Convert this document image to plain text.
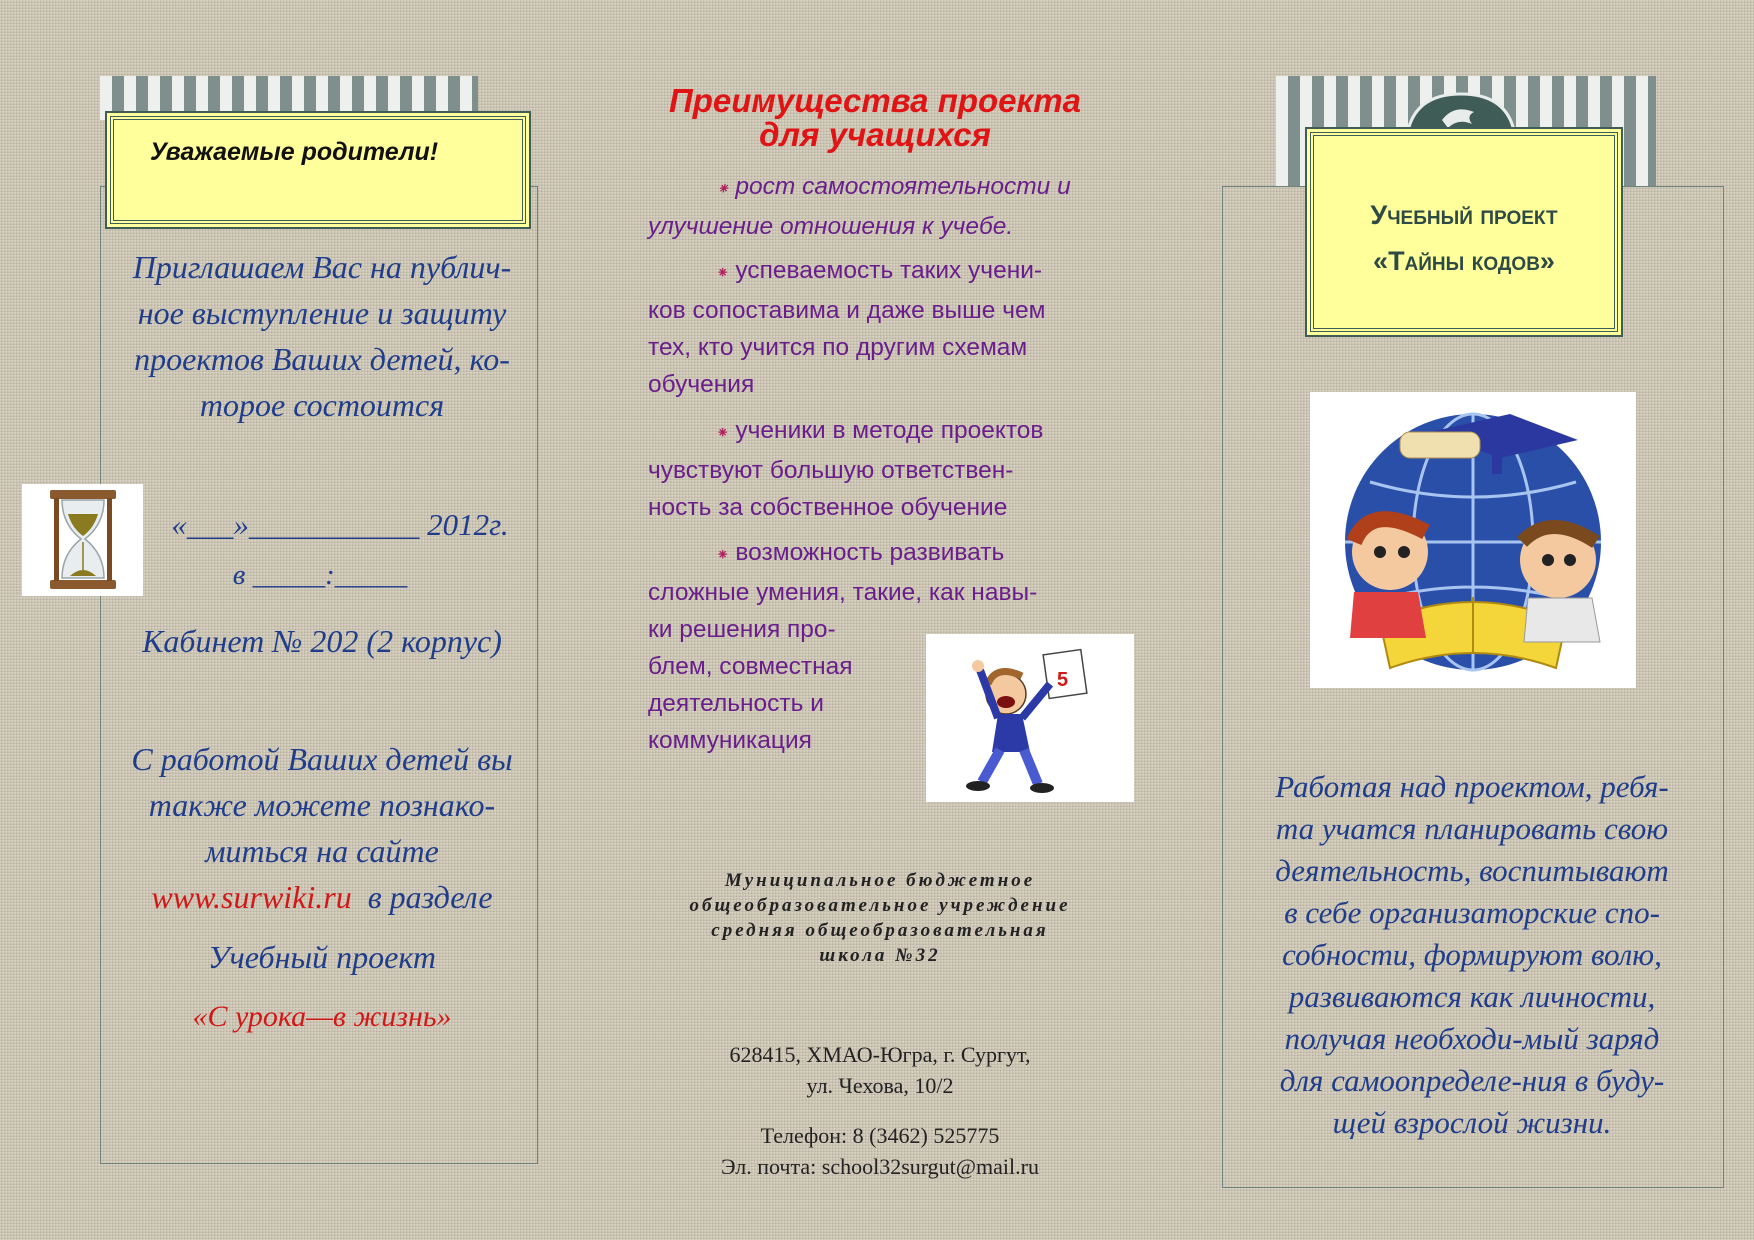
Уважаемые родители!

Приглашаем Вас на публич-

ное выступление и защиту

проектов Ваших детей, ко-

торое состоится

«___»___________ 2012г.

в _____:_____

Кабинет № 202 (2 корпус)

С работой Ваших детей вы

также можете познако-

миться на сайте

www.surwiki.ru  в разделе

Учебный проект

«С урока—в жизнь»

Преимущества проекта

для учащихся

⁕ рост самостоятельности и

улучшение отношения к учебе.

⁕ успеваемость таких учени-

ков сопоставима и даже выше чем

тех, кто учится по другим схемам

обучения

⁕ ученики в методе проектов

чувствуют большую ответствен-

ность за собственное обучение

⁕ возможность развивать

сложные умения, такие, как навы-

ки решения про-

блем, совместная

деятельность и

коммуникация

5

Муниципальное бюджетное

общеобразовательное учреждение

средняя общеобразовательная

школа №32

628415, ХМАО-Югра, г. Сургут,

ул. Чехова, 10/2

Телефон: 8 (3462) 525775

Эл. почта: school32surgut@mail.ru

Учебный проект

«Тайны кодов»

Работая над проектом, ребя-

та учатся планировать свою

деятельность, воспитывают

в себе организаторские спо-

собности, формируют волю,

развиваются как личности,

получая необходи-мый заряд

для самоопределе-ния в буду-

щей взрослой жизни.
